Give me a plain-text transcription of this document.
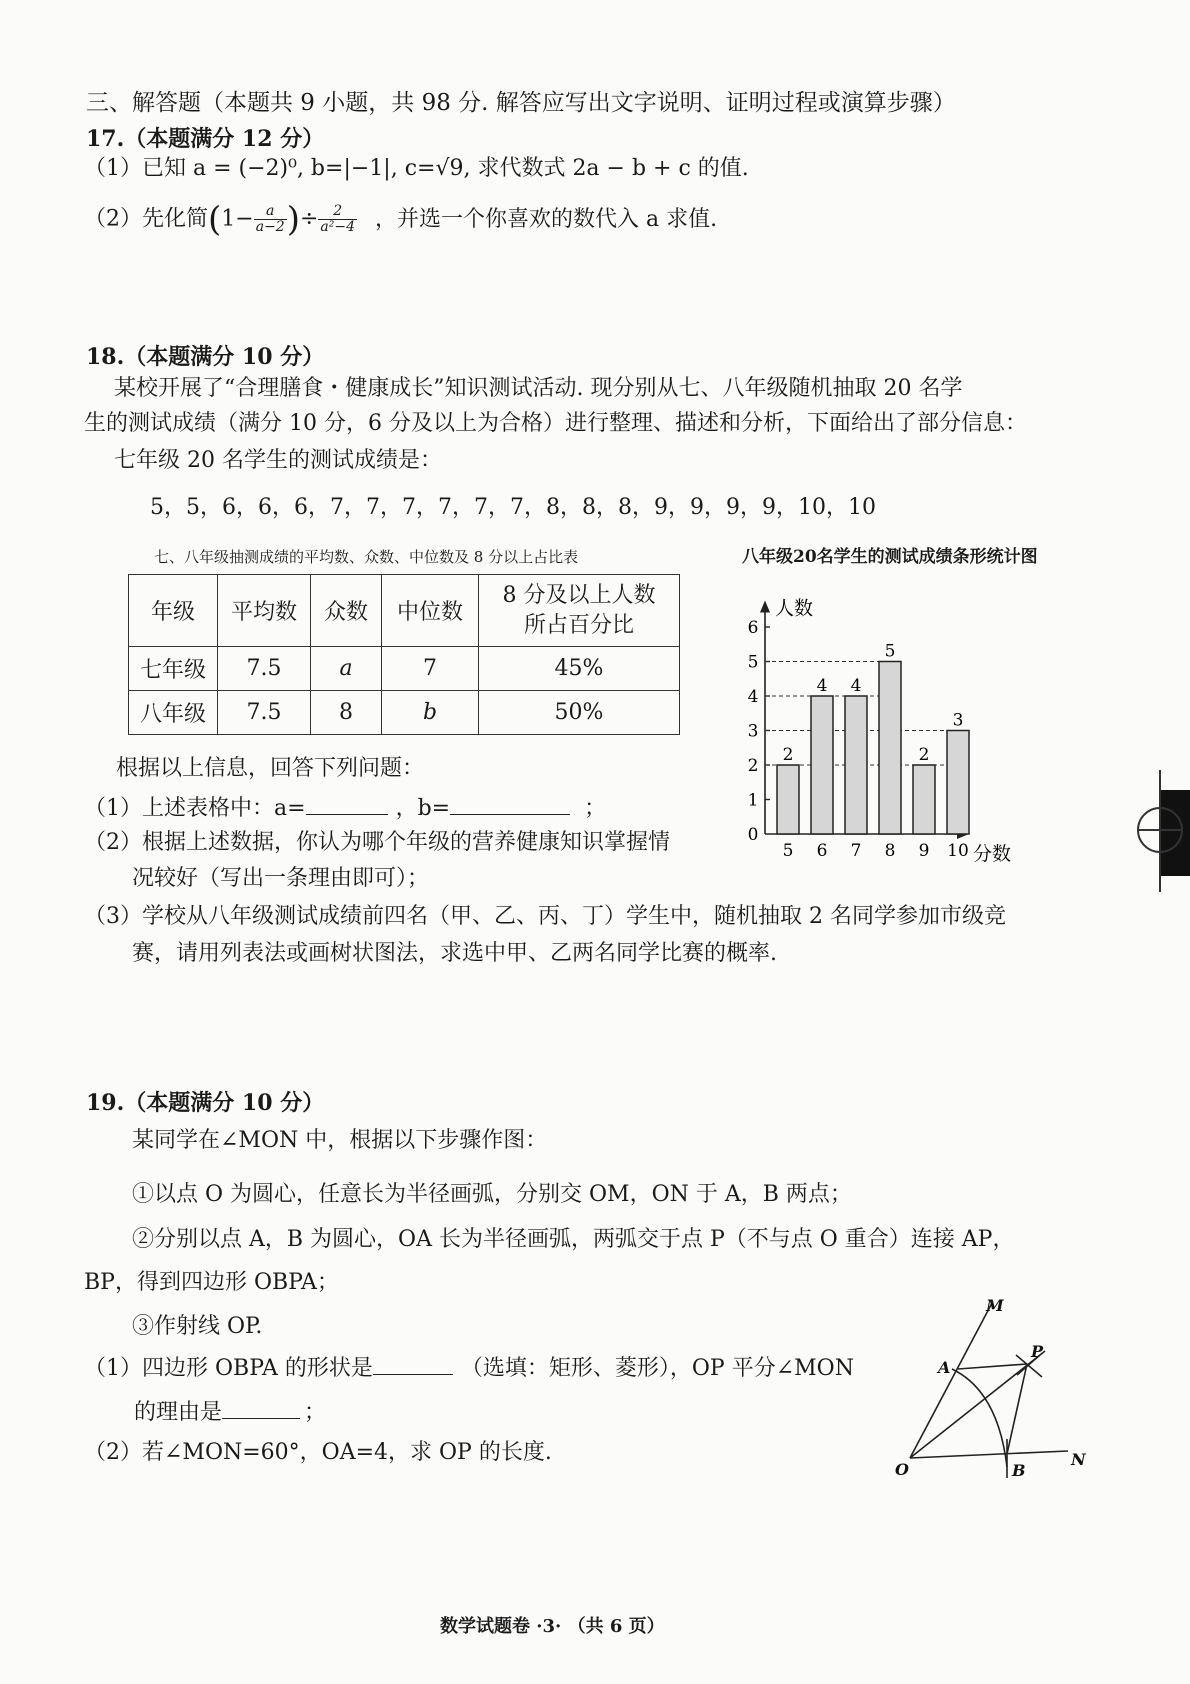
三、解答题（本题共 9 小题，共 98 分. 解答应写出文字说明、证明过程或演算步骤）
17.（本题满分 12 分）
（1）已知 a = (−2)⁰, b=|−1|, c=√9, 求代数式 2a − b + c 的值.
（2）先化简($1- \frac{a}{a-2}$ )÷ $\frac{2}{\text{a²−4}}$ ，并选一个你喜欢的数代入 a 求值.
18.（本题满分 10 分）
某校开展了“合理膳食・健康成长”知识测试活动. 现分别从七、八年级随机抽取 20 名学
生的测试成绩（满分 10 分，6 分及以上为合格）进行整理、描述和分析，下面给出了部分信息：
七年级 20 名学生的测试成绩是：
5，5，6，6，6，7，7，7，7，7，7，8，8，8，9，9，9，9，10，10
七、八年级抽测成绩的平均数、众数、中位数及 8 分以上占比表
年级	平均数	众数	中位数	8 分及以上人数
所占百分比

七年级	7.5	a	7	45%
八年级	7.5	8	b	50%
八年级20名学生的测试成绩条形统计图
0
1
2
3
4
5
6
2
5
4
6
4
7
5
8
2
9
3
10
人数
分数
根据以上信息，回答下列问题：
（1）上述表格中：a=	，b=	；
（2）根据上述数据，你认为哪个年级的营养健康知识掌握情
况较好（写出一条理由即可）；
（3）学校从八年级测试成绩前四名（甲、乙、丙、丁）学生中，随机抽取 2 名同学参加市级竞
赛，请用列表法或画树状图法，求选中甲、乙两名同学比赛的概率.
19.（本题满分 10 分）
某同学在∠MON 中，根据以下步骤作图：
①以点 O 为圆心，任意长为半径画弧，分别交 OM，ON 于 A，B 两点；
②分别以点 A，B 为圆心，OA 长为半径画弧，两弧交于点 P（不与点 O 重合）连接 AP，
BP，得到四边形 OBPA；
③作射线 OP.
（1）四边形 OBPA 的形状是	（选填：矩形、菱形），OP 平分∠MON
的理由是	；
（2）若∠MON=60°，OA=4，求 OP 的长度.
M
N
O
A
B
P
数学试题卷 ·3· （共 6 页）
